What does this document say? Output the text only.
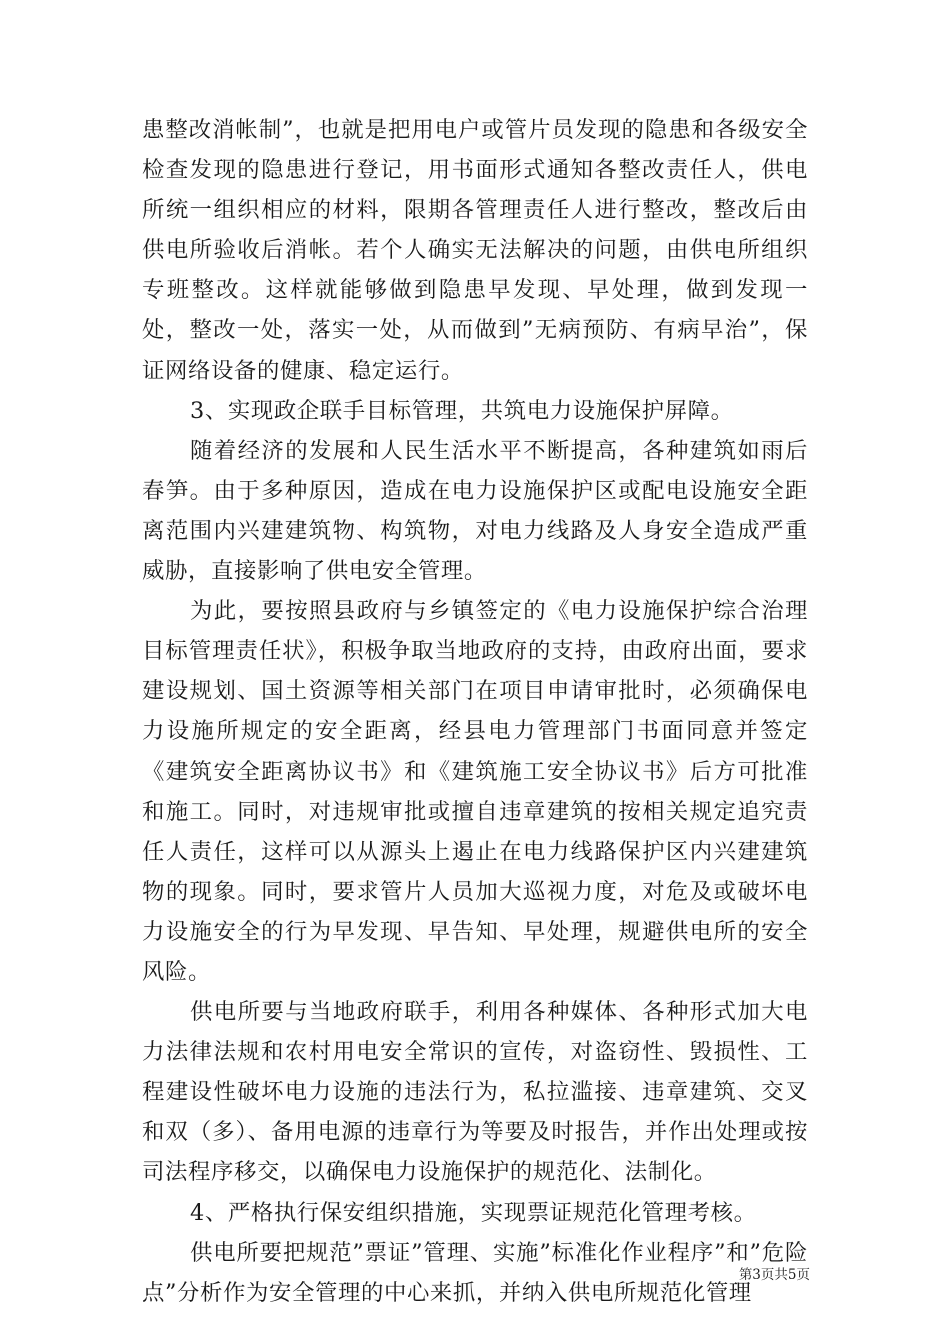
患整改消帐制”，也就是把用电户或管片员发现的隐患和各级安全检查发现的隐患进行登记，用书面形式通知各整改责任人，供电所统一组织相应的材料，限期各管理责任人进行整改，整改后由供电所验收后消帐。若个人确实无法解决的问题，由供电所组织专班整改。这样就能够做到隐患早发现、早处理，做到发现一处，整改一处，落实一处，从而做到”无病预防、有病早治”，保证网络设备的健康、稳定运行。

3、实现政企联手目标管理，共筑电力设施保护屏障。

随着经济的发展和人民生活水平不断提高，各种建筑如雨后春笋。由于多种原因，造成在电力设施保护区或配电设施安全距离范围内兴建建筑物、构筑物，对电力线路及人身安全造成严重威胁，直接影响了供电安全管理。

为此，要按照县政府与乡镇签定的《电力设施保护综合治理目标管理责任状》，积极争取当地政府的支持，由政府出面，要求建设规划、国土资源等相关部门在项目申请审批时，必须确保电力设施所规定的安全距离，经县电力管理部门书面同意并签定《建筑安全距离协议书》和《建筑施工安全协议书》后方可批准和施工。同时，对违规审批或擅自违章建筑的按相关规定追究责任人责任，这样可以从源头上遏止在电力线路保护区内兴建建筑物的现象。同时，要求管片人员加大巡视力度，对危及或破坏电力设施安全的行为早发现、早告知、早处理，规避供电所的安全风险。

供电所要与当地政府联手，利用各种媒体、各种形式加大电力法律法规和农村用电安全常识的宣传，对盗窃性、毁损性、工程建设性破坏电力设施的违法行为，私拉滥接、违章建筑、交叉和双（多）、备用电源的违章行为等要及时报告，并作出处理或按司法程序移交，以确保电力设施保护的规范化、法制化。

4、严格执行保安组织措施，实现票证规范化管理考核。

供电所要把规范”票证”管理、实施”标准化作业程序”和”危险点”分析作为安全管理的中心来抓，并纳入供电所规范化管理

第3页共5页
